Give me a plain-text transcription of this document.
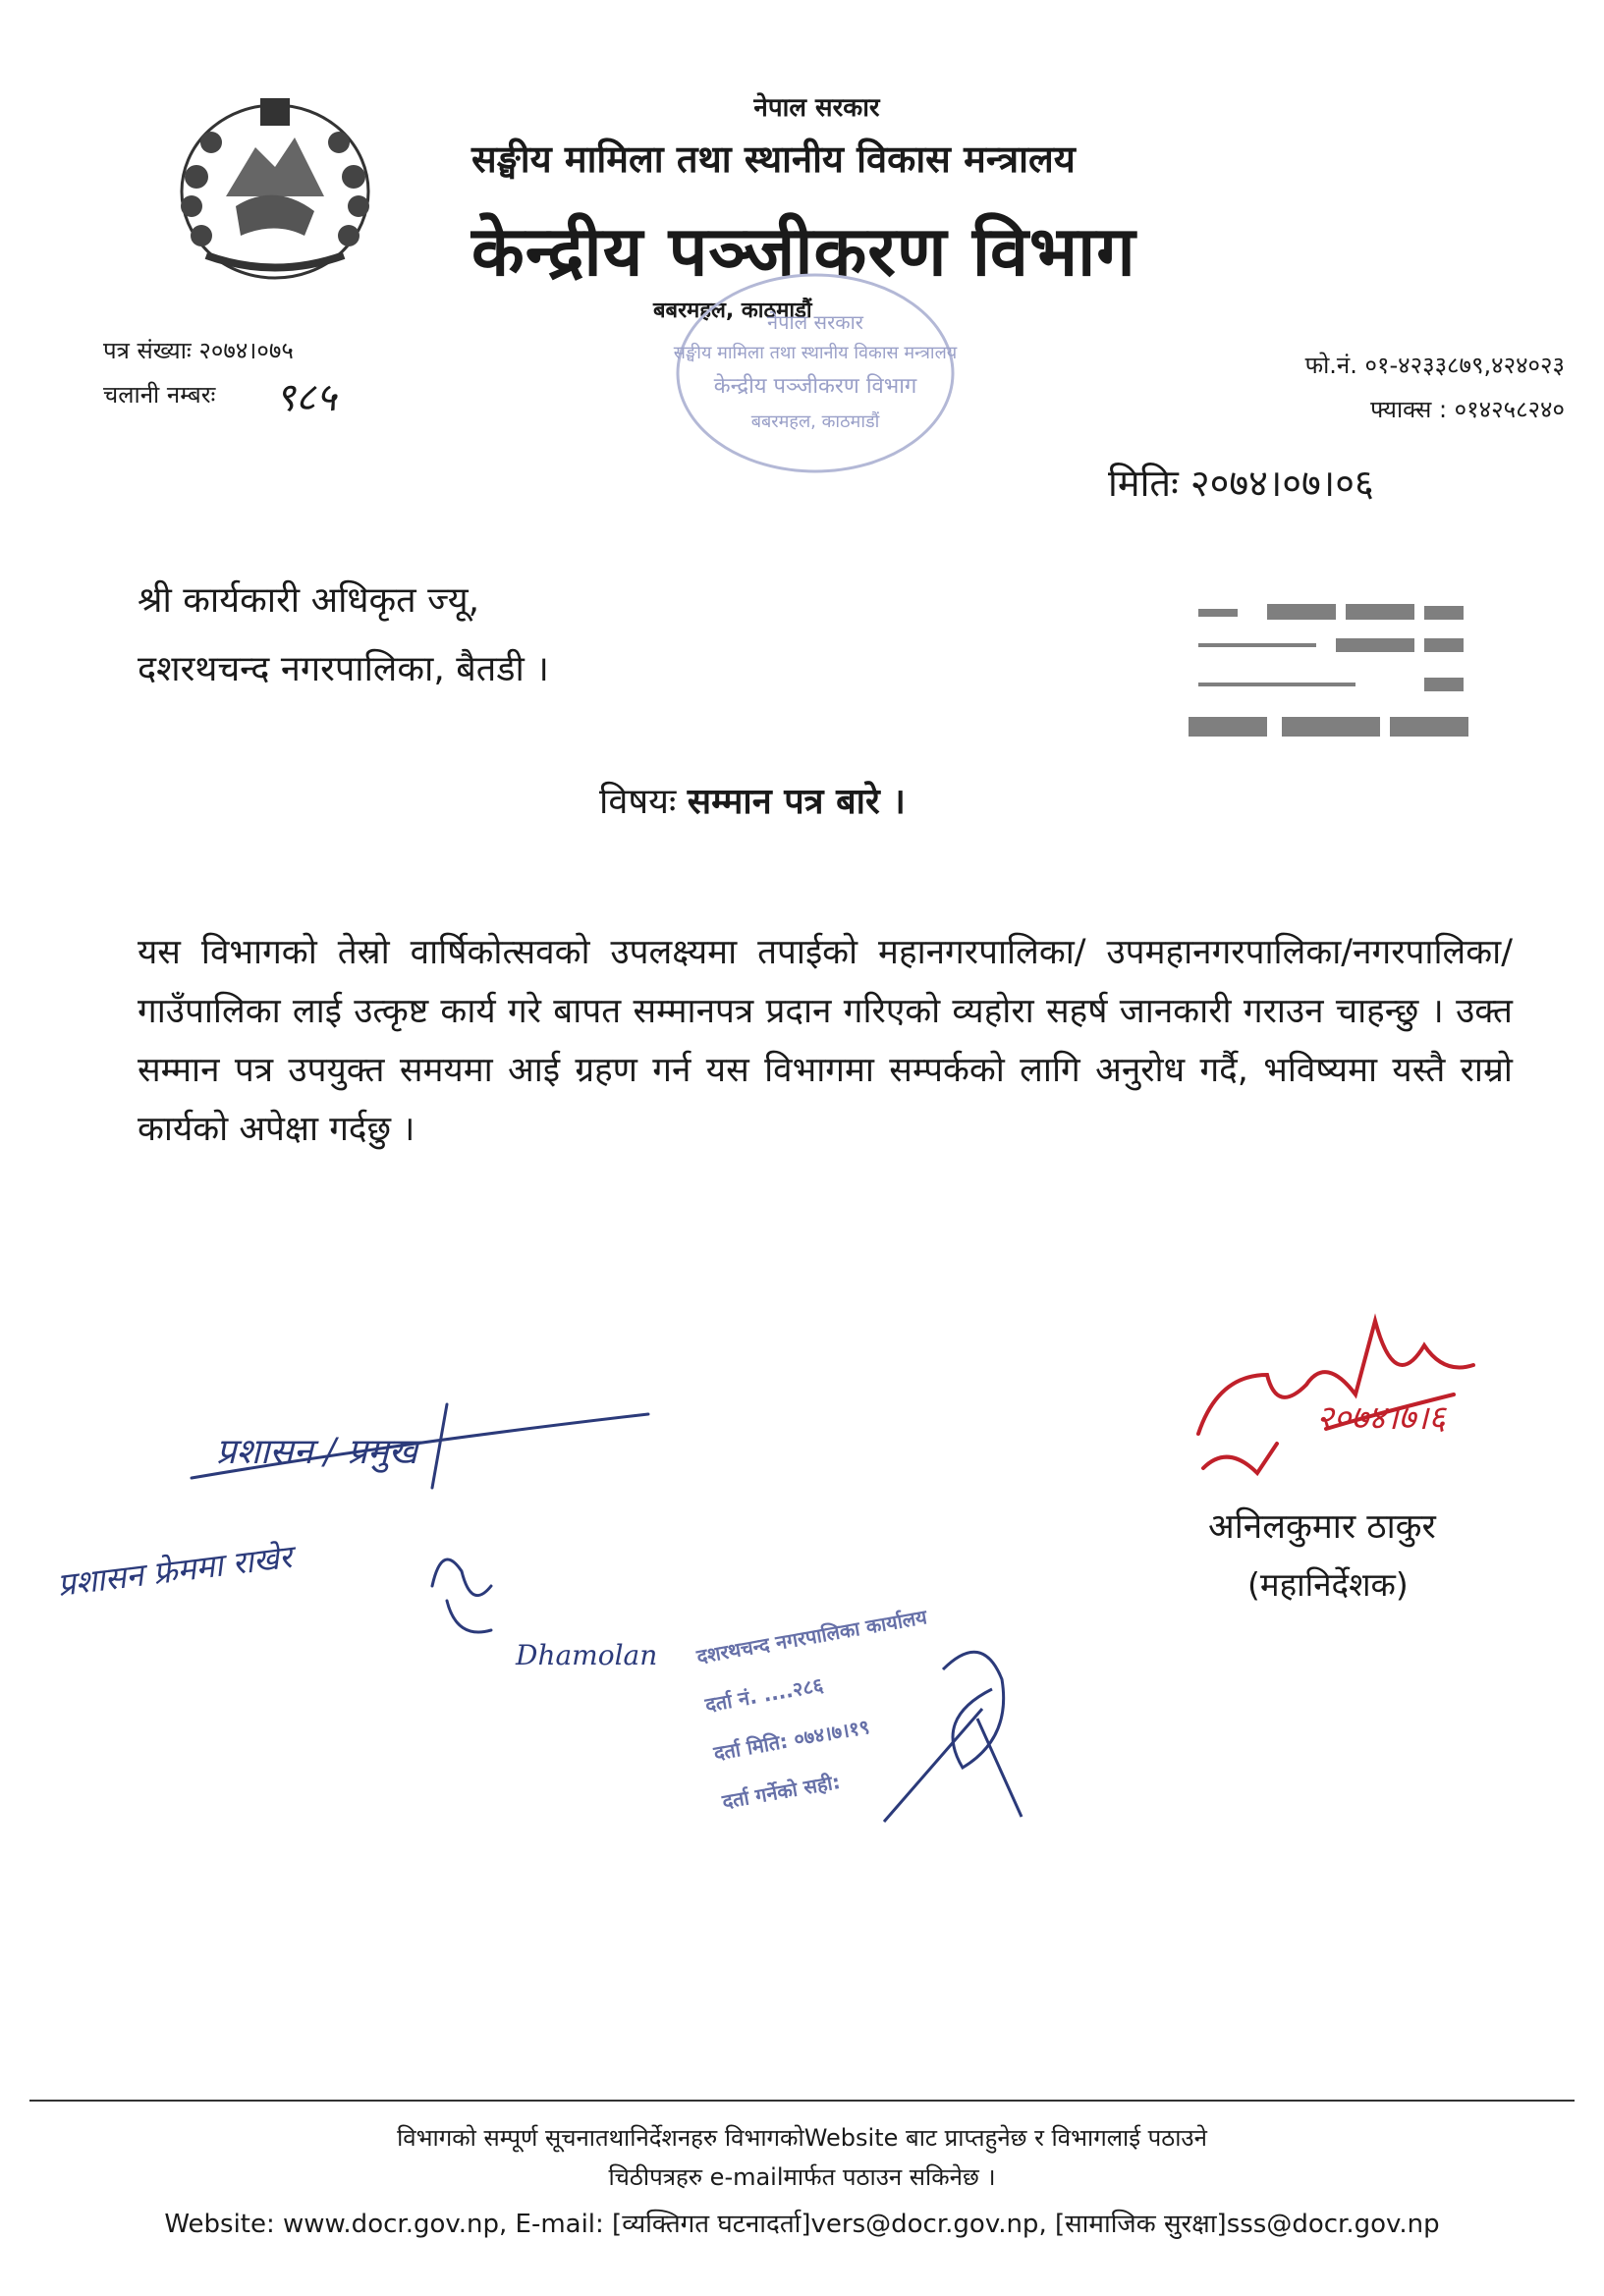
नेपाल सरकार
सङ्घीय मामिला तथा स्थानीय विकास मन्त्रालय
केन्द्रीय पञ्जीकरण विभाग
बबरमहल, काठमाडौं
नेपाल सरकार
सङ्घीय मामिला तथा स्थानीय विकास मन्त्रालय
केन्द्रीय पञ्जीकरण विभाग
बबरमहल, काठमाडौं
पत्र संख्याः २०७४।०७५
चलानी नम्बरः ९८५
फो.नं. ०१-४२३३८७९,४२४०२३
फ्याक्स : ०१४२५८२४०
मितिः २०७४।०७।०६
श्री कार्यकारी अधिकृत ज्यू,
दशरथचन्द नगरपालिका, बैतडी ।
विषयः सम्मान पत्र बारे ।
यस विभागको तेस्रो वार्षिकोत्सवको उपलक्ष्यमा तपाईको महानगरपालिका/ उपमहानगरपालिका/नगरपालिका/गाउँपालिका लाई उत्कृष्ट कार्य गरे बापत सम्मानपत्र प्रदान गरिएको व्यहोरा सहर्ष जानकारी गराउन चाहन्छु । उक्त सम्मान पत्र उपयुक्त समयमा आई ग्रहण गर्न यस विभागमा सम्पर्कको लागि अनुरोध गर्दै, भविष्यमा यस्तै राम्रो कार्यको अपेक्षा गर्दछु ।
२०७४।७।६
अनिलकुमार ठाकुर
(महानिर्देशक)
प्रशासन / प्रमुख
प्रशासन फ्रेममा राखेर
Dhamolan दशरथचन्द नगरपालिका कार्यालय
दर्ता नं. ....२८६
दर्ता मिति: ०७४।७।१९
दर्ता गर्नेको सही:
विभागको सम्पूर्ण सूचनातथानिर्देशनहरु विभागकोWebsite बाट प्राप्तहुनेछ र विभागलाई पठाउने
चिठीपत्रहरु e-mailमार्फत पठाउन सकिनेछ ।
Website: www.docr.gov.np, E-mail: [व्यक्तिगत घटनादर्ता]vers@docr.gov.np, [सामाजिक सुरक्षा]sss@docr.gov.np
